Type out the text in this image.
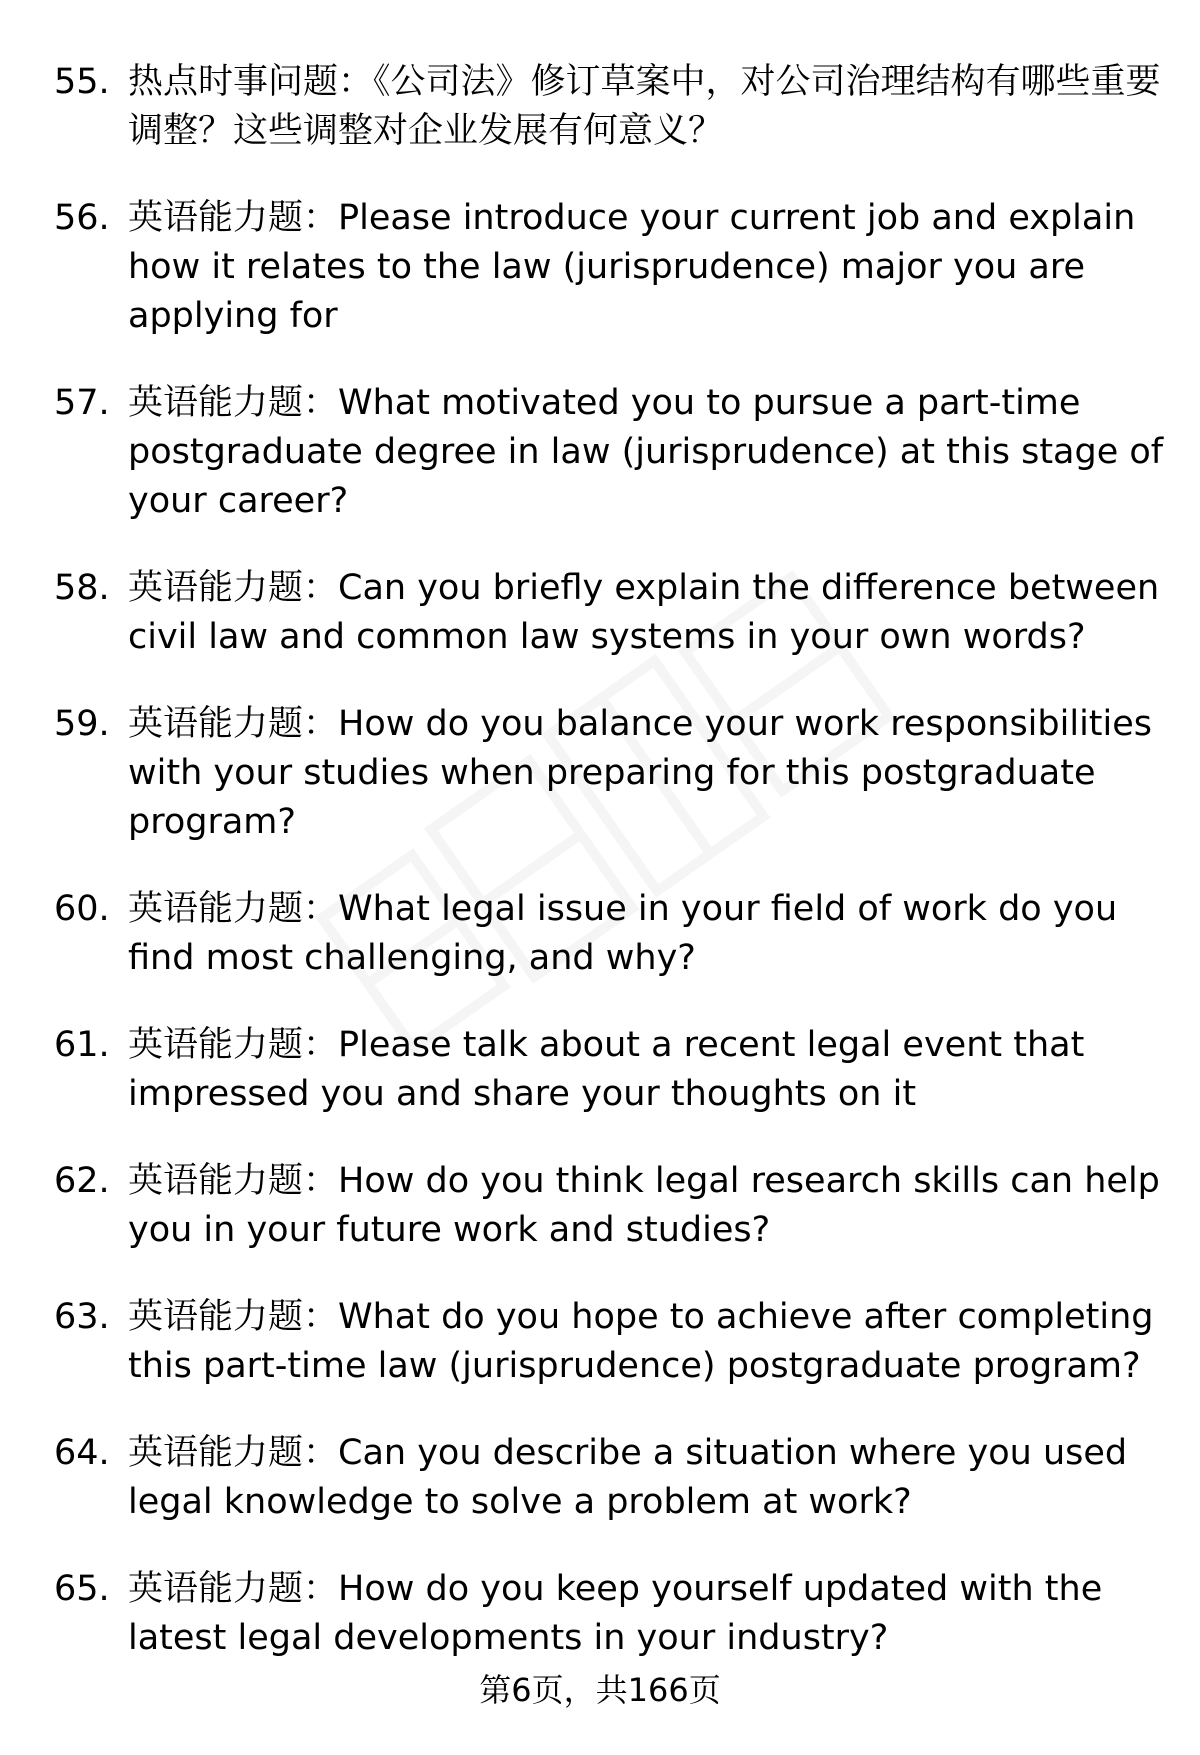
55. 热点时事问题：《公司法》修订草案中，对公司治理结构有哪些重要调整？这些调整对企业发展有何意义？
56. 英语能力题：Please introduce your current job and explain how it relates to the law (jurisprudence) major you are applying for
57. 英语能力题：What motivated you to pursue a part-time postgraduate degree in law (jurisprudence) at this stage of your career?
58. 英语能力题：Can you briefly explain the difference between civil law and common law systems in your own words?
59. 英语能力题：How do you balance your work responsibilities with your studies when preparing for this postgraduate program?
60. 英语能力题：What legal issue in your field of work do you find most challenging, and why?
61. 英语能力题：Please talk about a recent legal event that impressed you and share your thoughts on it
62. 英语能力题：How do you think legal research skills can help you in your future work and studies?
63. 英语能力题：What do you hope to achieve after completing this part-time law (jurisprudence) postgraduate program?
64. 英语能力题：Can you describe a situation where you used legal knowledge to solve a problem at work?
65. 英语能力题：How do you keep yourself updated with the latest legal developments in your industry?
第6页，共166页
